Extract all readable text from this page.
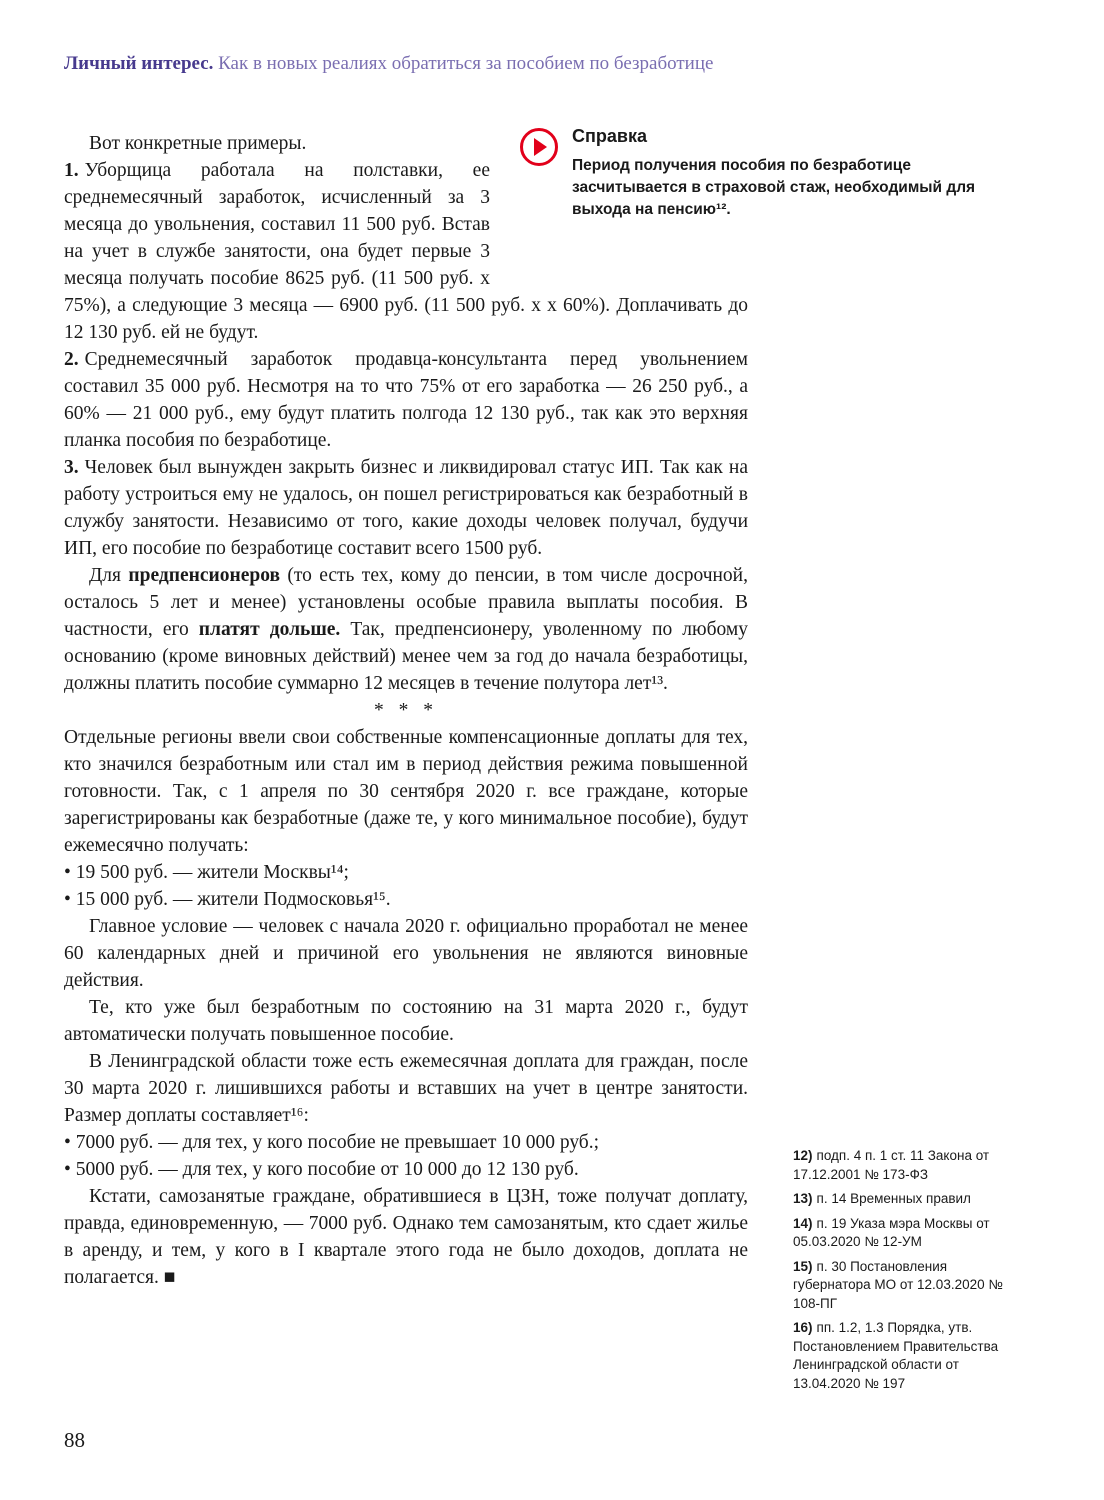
Личный интерес. Как в новых реалиях обратиться за пособием по безработице
Справка
Период получения пособия по безработице засчитывается в страховой стаж, необходимый для выхода на пенсию¹².

Вот конкретные примеры.

1. Уборщица работала на полставки, ее среднемесячный заработок, исчисленный за 3 месяца до увольнения, составил 11 500 руб. Встав на учет в службе занятости, она будет первые 3 месяца получать пособие 8625 руб. (11 500 руб. х 75%), а следующие 3 месяца — 6900 руб. (11 500 руб. х х 60%). Доплачивать до 12 130 руб. ей не будут.

2. Среднемесячный заработок продавца-консультанта перед увольнением составил 35 000 руб. Несмотря на то что 75% от его заработка — 26 250 руб., а 60% — 21 000 руб., ему будут платить полгода 12 130 руб., так как это верхняя планка пособия по безработице.

3. Человек был вынужден закрыть бизнес и ликвидировал статус ИП. Так как на работу устроиться ему не удалось, он пошел регистрироваться как безработный в службу занятости. Независимо от того, какие доходы человек получал, будучи ИП, его пособие по безработице составит всего 1500 руб.

Для предпенсионеров (то есть тех, кому до пенсии, в том числе досрочной, осталось 5 лет и менее) установлены особые правила выплаты пособия. В частности, его платят дольше. Так, предпенсионеру, уволенному по любому основанию (кроме виновных действий) менее чем за год до начала безработицы, должны платить пособие суммарно 12 месяцев в течение полутора лет¹³.

* * *

Отдельные регионы ввели свои собственные компенсационные доплаты для тех, кто значился безработным или стал им в период действия режима повышенной готовности. Так, с 1 апреля по 30 сентября 2020 г. все граждане, которые зарегистрированы как безработные (даже те, у кого минимальное пособие), будут ежемесячно получать:

• 19 500 руб. — жители Москвы¹⁴;

• 15 000 руб. — жители Подмосковья¹⁵.

Главное условие — человек с начала 2020 г. официально проработал не менее 60 календарных дней и причиной его увольнения не являются виновные действия.

Те, кто уже был безработным по состоянию на 31 марта 2020 г., будут автоматически получать повышенное пособие.

В Ленинградской области тоже есть ежемесячная доплата для граждан, после 30 марта 2020 г. лишившихся работы и вставших на учет в центре занятости. Размер доплаты составляет¹⁶:

• 7000 руб. — для тех, у кого пособие не превышает 10 000 руб.;

• 5000 руб. — для тех, у кого пособие от 10 000 до 12 130 руб.

Кстати, самозанятые граждане, обратившиеся в ЦЗН, тоже получат доплату, правда, единовременную, — 7000 руб. Однако тем самозанятым, кто сдает жилье в аренду, и тем, у кого в I квартале этого года не было доходов, доплата не полагается. ■

12) подп. 4 п. 1 ст. 11 Закона от 17.12.2001 № 173-ФЗ
13) п. 14 Временных правил
14) п. 19 Указа мэра Москвы от 05.03.2020 № 12-УМ
15) п. 30 Постановления губернатора МО от 12.03.2020 № 108-ПГ
16) пп. 1.2, 1.3 Порядка, утв. Постановлением Правительства Ленинградской области от 13.04.2020 № 197
88
